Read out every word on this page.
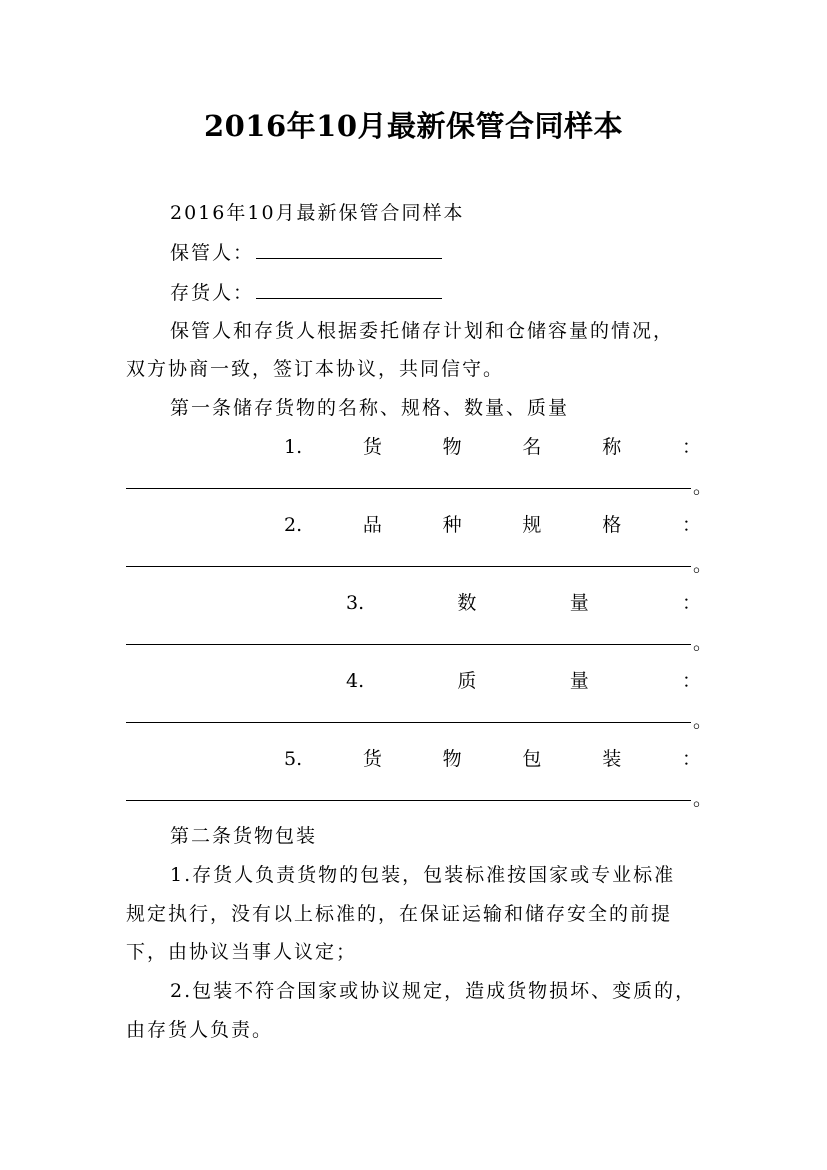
2016年10月最新保管合同样本
2016年10月最新保管合同样本
保管人：
存货人：
保管人和存货人根据委托储存计划和仓储容量的情况，
双方协商一致，签订本协议，共同信守。
第一条储存货物的名称、规格、数量、质量
1.	货	物	名	称	：
。
2.	品	种	规	格	：
。
3.	数	量	：
。
4.	质	量	：
。
5.	货	物	包	装	：
。
第二条货物包装
1.存货人负责货物的包装，包装标准按国家或专业标准
规定执行，没有以上标准的，在保证运输和储存安全的前提
下，由协议当事人议定；
2.包装不符合国家或协议规定，造成货物损坏、变质的，
由存货人负责。
